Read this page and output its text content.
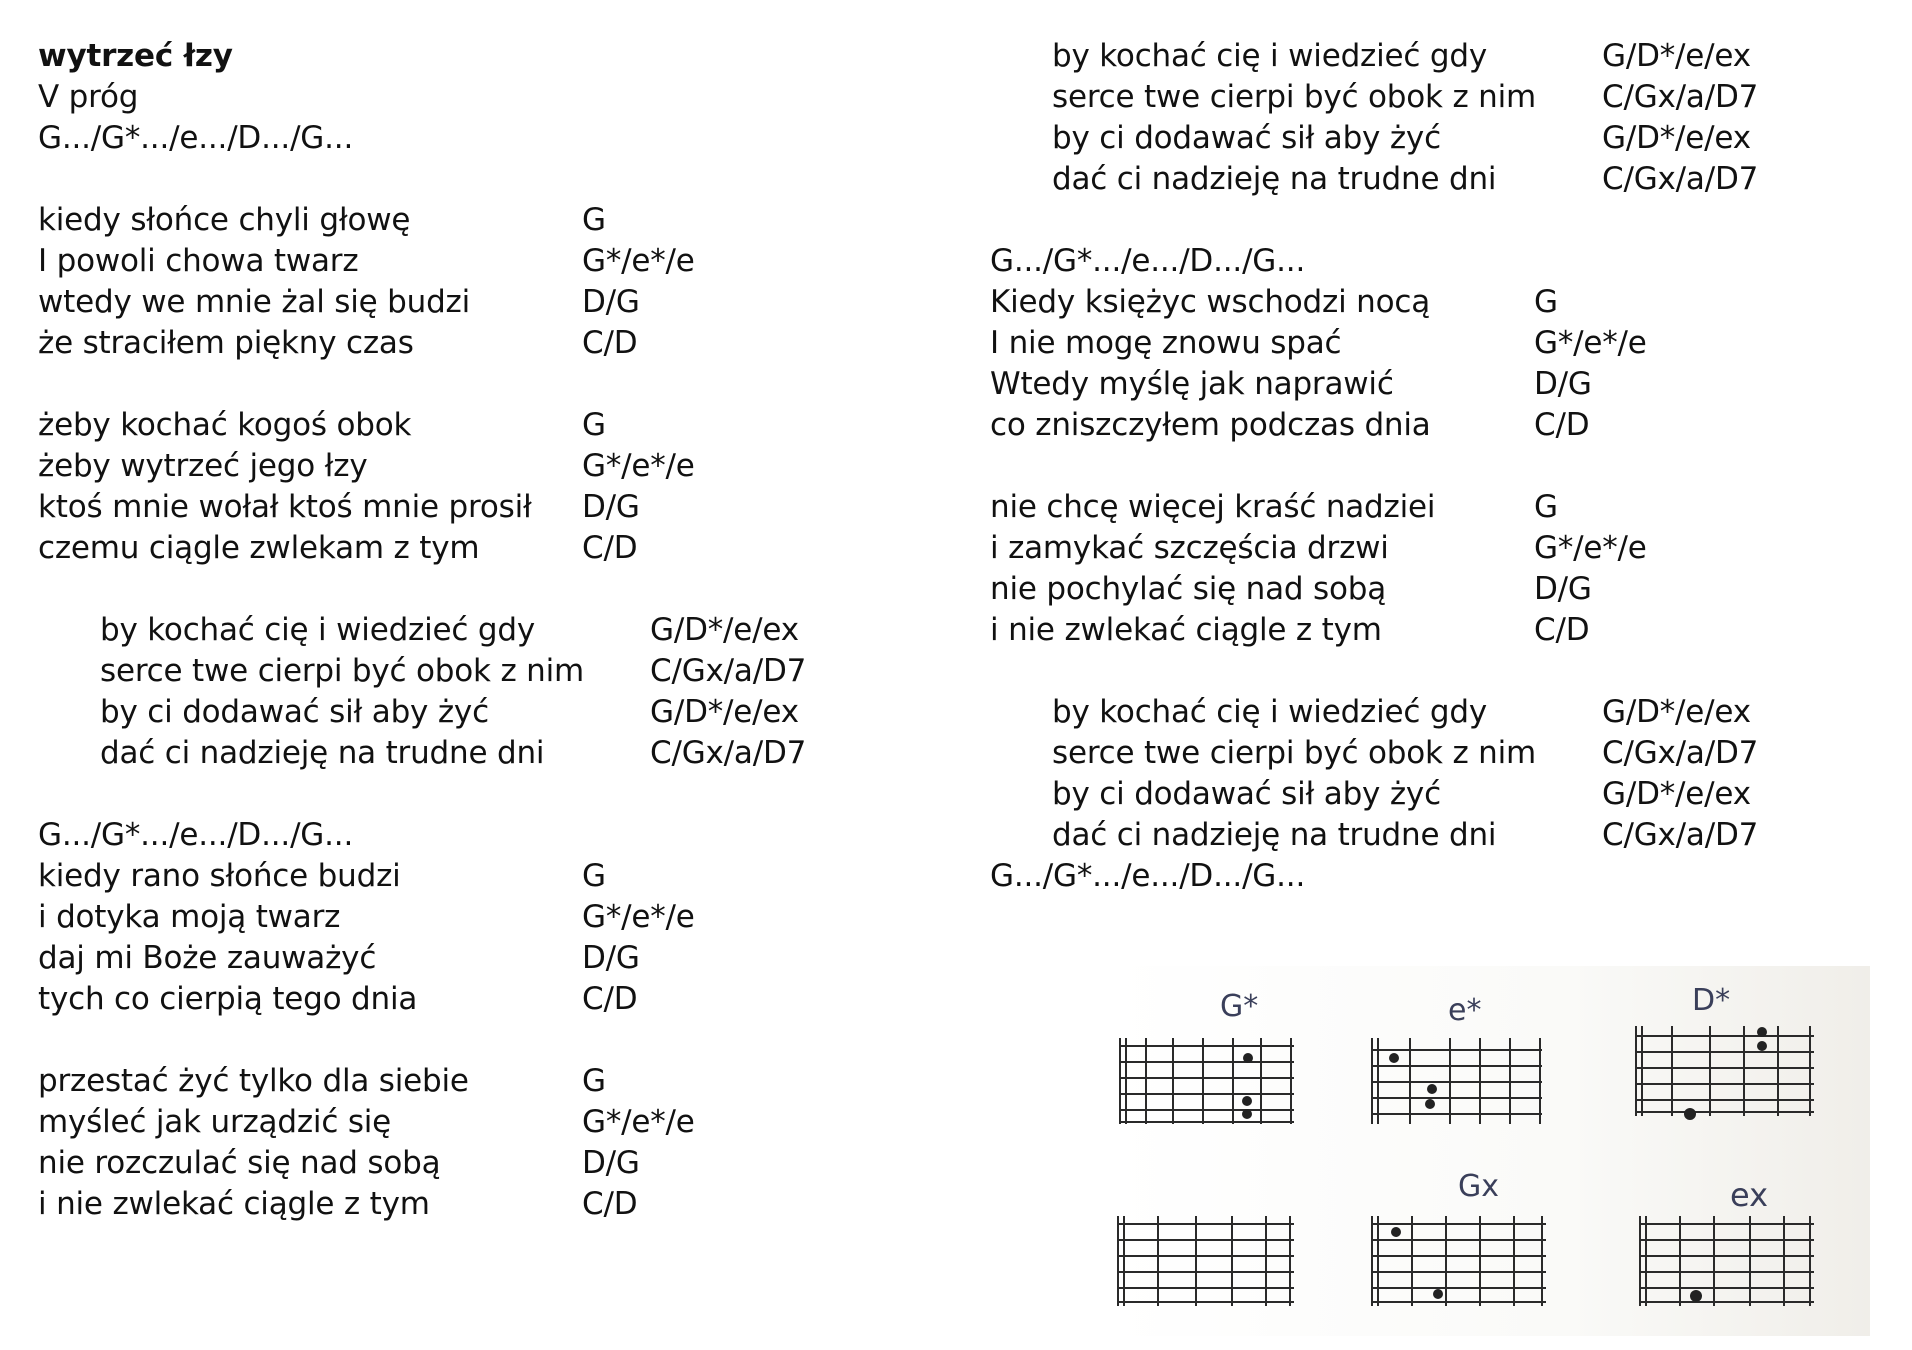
wytrzeć łzy
V próg
G.../G*.../e.../D.../G...
kiedy słońce chyli głowę	G
I powoli chowa twarz	G*/e*/e
wtedy we mnie żal się budzi	D/G
że straciłem piękny czas	C/D
żeby kochać kogoś obok	G
żeby wytrzeć jego łzy	G*/e*/e
ktoś mnie wołał ktoś mnie prosił D/G
czemu ciągle zwlekam z tym	C/D
by kochać cię i wiedzieć gdy	G/D*/e/ex
serce twe cierpi być obok z nim C/Gx/a/D7
by ci dodawać sił aby żyć	G/D*/e/ex
dać ci nadzieję na trudne dni	C/Gx/a/D7
G.../G*.../e.../D.../G...
kiedy rano słońce budzi	G
i dotyka moją twarz	G*/e*/e
daj mi Boże zauważyć	D/G
tych co cierpią tego dnia	C/D
przestać żyć tylko dla siebie	G
myśleć jak urządzić się	G*/e*/e
nie rozczulać się nad sobą	D/G
i nie zwlekać ciągle z tym	C/D
by kochać cię i wiedzieć gdy	G/D*/e/ex
serce twe cierpi być obok z nim C/Gx/a/D7
by ci dodawać sił aby żyć	G/D*/e/ex
dać ci nadzieję na trudne dni	C/Gx/a/D7
G.../G*.../e.../D.../G...
Kiedy księżyc wschodzi nocą	G
I nie mogę znowu spać	G*/e*/e
Wtedy myślę jak naprawić	D/G
co zniszczyłem podczas dnia	C/D
nie chcę więcej kraść nadziei	G
i zamykać szczęścia drzwi	G*/e*/e
nie pochylać się nad sobą	D/G
i nie zwlekać ciągle z tym	C/D
by kochać cię i wiedzieć gdy	G/D*/e/ex
serce twe cierpi być obok z nim C/Gx/a/D7
by ci dodawać sił aby żyć	G/D*/e/ex
dać ci nadzieję na trudne dni	C/Gx/a/D7
G.../G*.../e.../D.../G...
G*	e*	D*
Gx	ex
